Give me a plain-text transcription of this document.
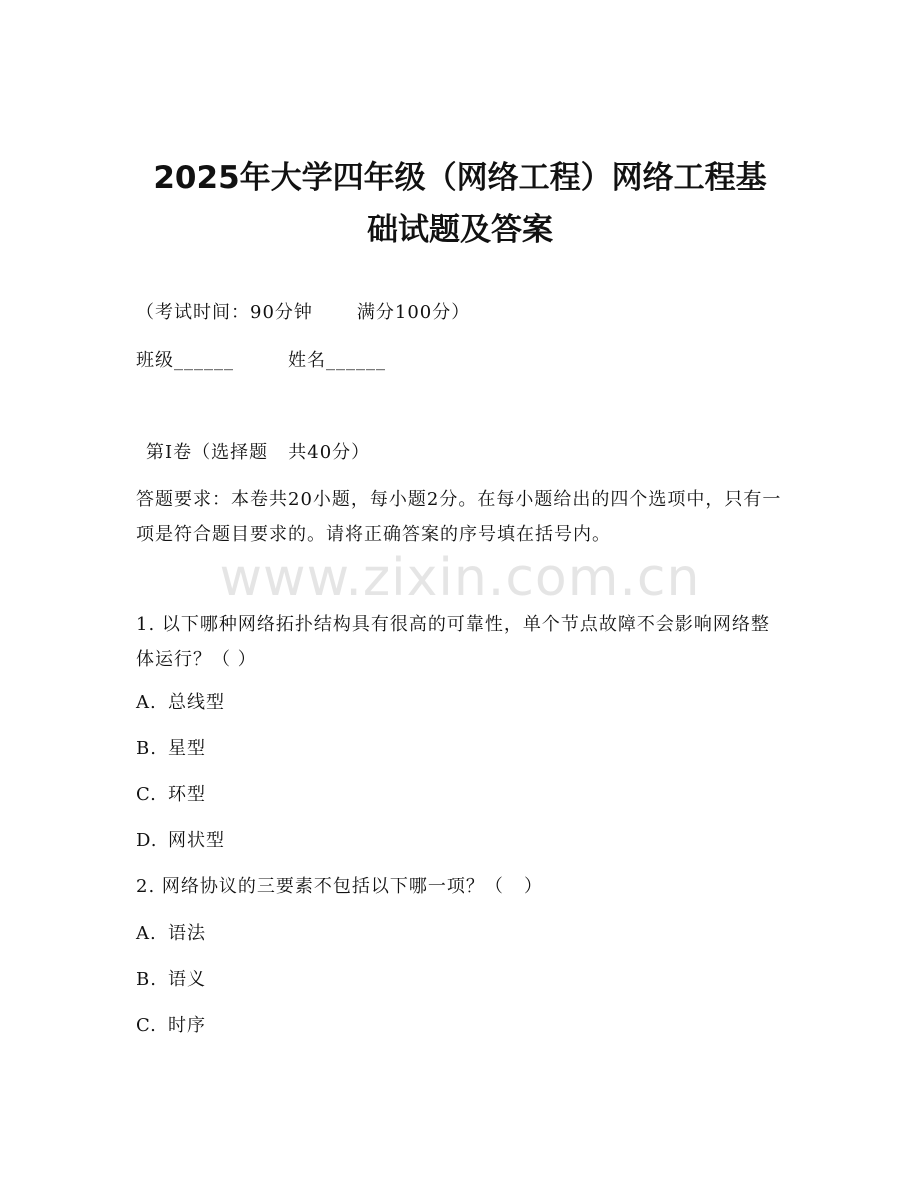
2025年大学四年级（网络工程）网络工程基
础试题及答案
（考试时间：90分钟 满分100分）
班级______	姓名______
第I卷（选择题   共40分）
答题要求：本卷共20小题，每小题2分。在每小题给出的四个选项中，只有一项是符合题目要求的。请将正确答案的序号填在括号内。
www.zixin.com.cn
1. 以下哪种网络拓扑结构具有很高的可靠性，单个节点故障不会影响网络整体运行？（ ）
A. 总线型
B. 星型
C. 环型
D. 网状型
2. 网络协议的三要素不包括以下哪一项？（   ）
A. 语法
B. 语义
C. 时序
